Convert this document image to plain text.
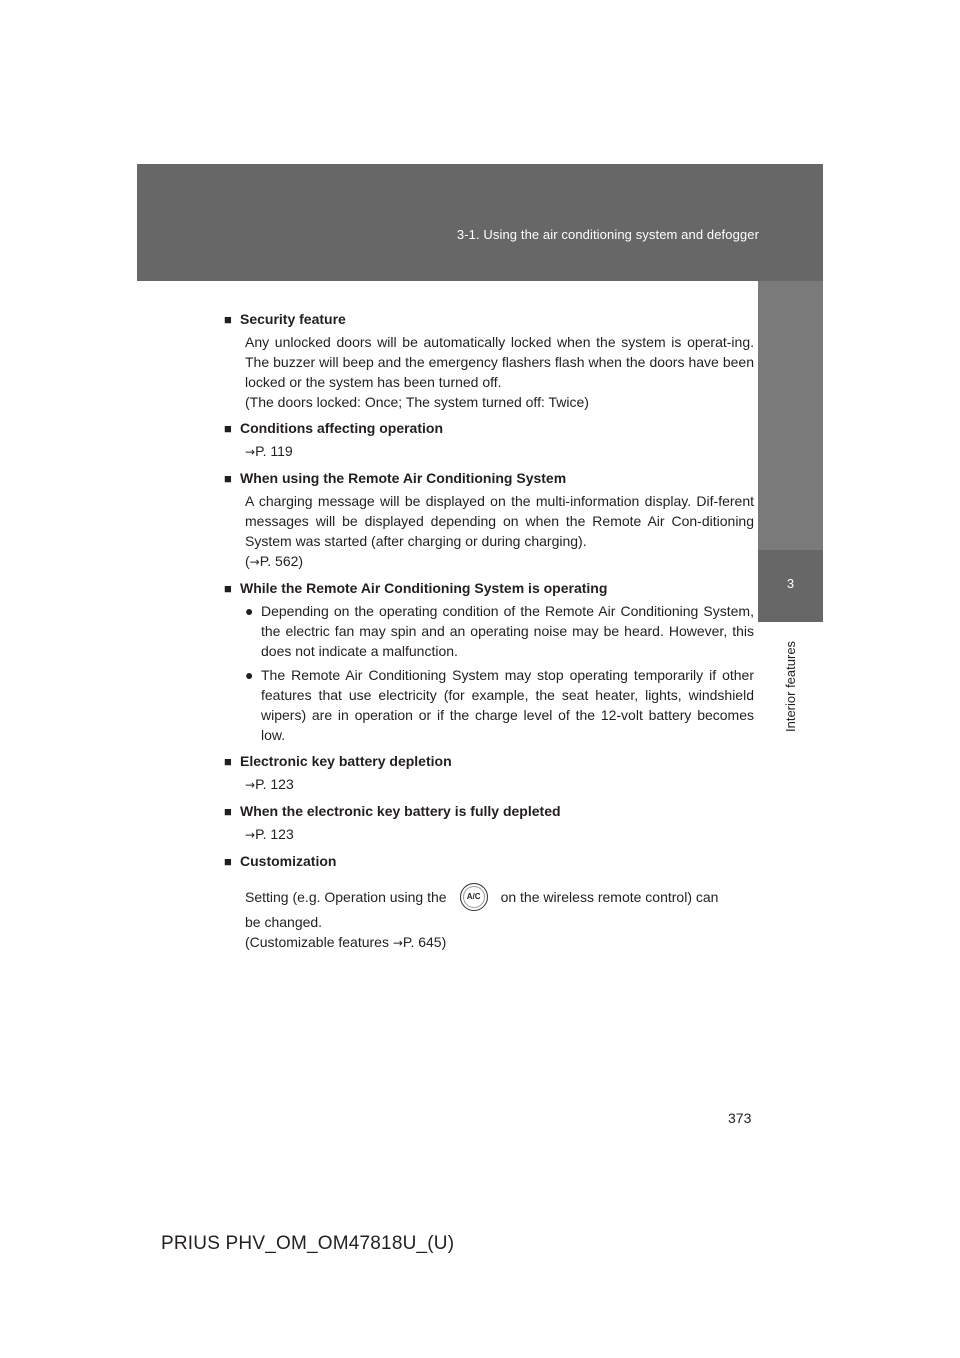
3-1. Using the air conditioning system and defogger
3
Interior features
■ Security feature
Any unlocked doors will be automatically locked when the system is operat-ing. The buzzer will beep and the emergency flashers flash when the doors have been locked or the system has been turned off.
(The doors locked: Once; The system turned off: Twice)
■ Conditions affecting operation
→P. 119
■ When using the Remote Air Conditioning System
A charging message will be displayed on the multi-information display. Dif-ferent messages will be displayed depending on when the Remote Air Con-ditioning System was started (after charging or during charging).
(→P. 562)
■ While the Remote Air Conditioning System is operating
● Depending on the operating condition of the Remote Air Conditioning System, the electric fan may spin and an operating noise may be heard. However, this does not indicate a malfunction.
● The Remote Air Conditioning System may stop operating temporarily if other features that use electricity (for example, the seat heater, lights, windshield wipers) are in operation or if the charge level of the 12-volt battery becomes low.
■ Electronic key battery depletion
→P. 123
■ When the electronic key battery is fully depleted
→P. 123
■ Customization
Setting (e.g. Operation using the	A/C	on the wireless remote control) can
be changed.
(Customizable features →P. 645)
373
PRIUS PHV_OM_OM47818U_(U)
